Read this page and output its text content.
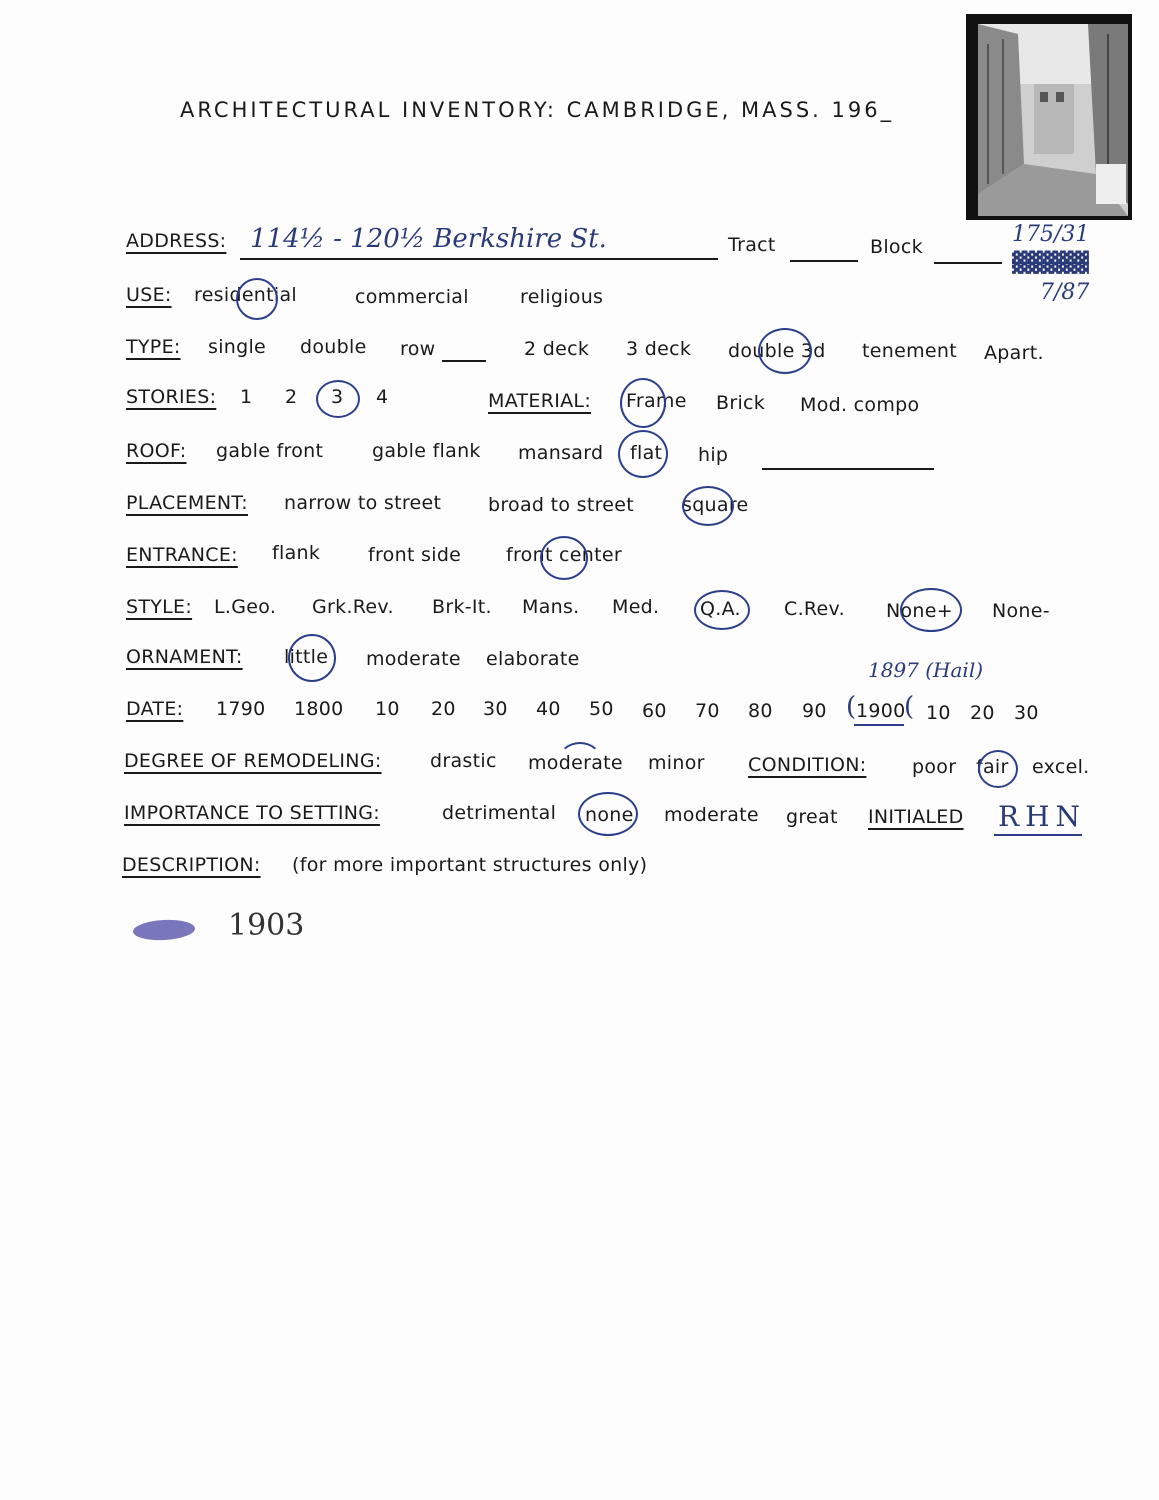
ARCHITECTURAL INVENTORY: CAMBRIDGE, MASS. 196_
ADDRESS: 114½ - 120½ Berkshire St.	Tract	Block	175/31
▓▓▓▓▓
7/87
USE: residential	commercial	religious
TYPE: single double row	2 deck 3 deck double 3d tenement Apart.
STORIES: 1 2 3 4	MATERIAL: Frame Brick Mod. compo
ROOF: gable front	gable flank mansard flat hip
PLACEMENT: narrow to street broad to street	square
ENTRANCE: flank	front side front center
STYLE: L.Geo. Grk.Rev. Brk-It. Mans. Med. Q.A. C.Rev. None+ None-
ORNAMENT: little moderate elaborate	1897 (Hail)
DATE: 1790 1800 10 20 30 40 50 60 70 80 90 1900
( ( 10 20 30
DEGREE OF REMODELING:	drastic moderate minor CONDITION: poor fair excel.
IMPORTANCE TO SETTING:	detrimental none moderate great INITIALED RHN
DESCRIPTION: (for more important structures only)
1903
